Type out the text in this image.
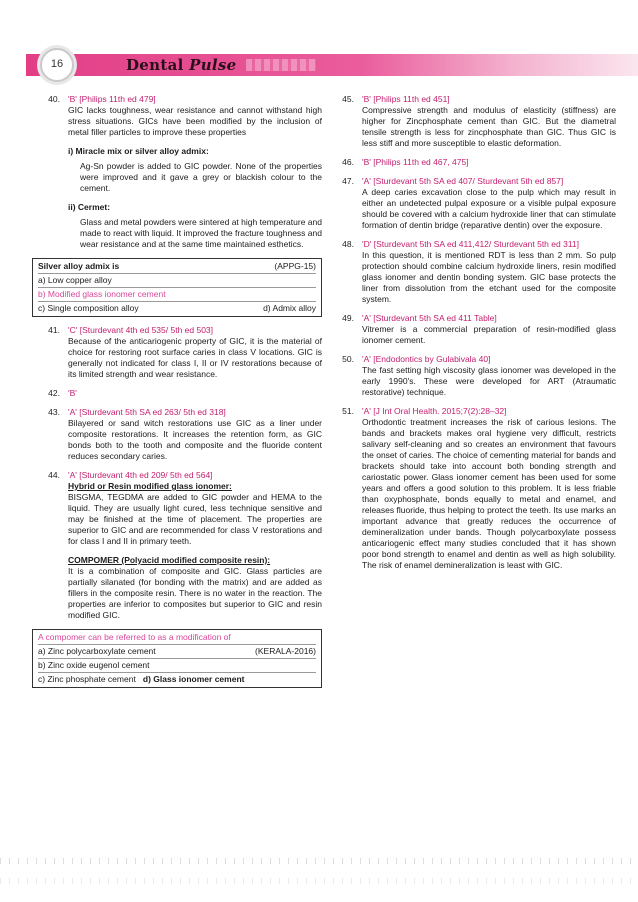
16	Dental Pulse
40. 'B' [Philips 11th ed 479]

GIC lacks toughness, wear resistance and cannot withstand high stress situations. GICs have been modified by the inclusion of metal filler particles to improve these properties

i) Miracle mix or silver alloy admix:
Ag-Sn powder is added to GIC powder. None of the properties were improved and it gave a grey or blackish colour to the cement.
ii) Cermet:
Glass and metal powders were sintered at high temperature and made to react with liquid. It improved the fracture toughness and wear resistance and at the same time maintained esthetics.
Silver alloy admix is	(APPG-15)
a) Low copper alloy
b) Modified glass ionomer cement
c) Single composition alloy	d) Admix alloy
41. 'C' [Sturdevant 4th ed 535/ 5th ed 503]

Because of the anticariogenic property of GIC, it is the material of choice for restoring root surface caries in class V locations. GIC is generally not indicated for class I, II or IV restorations because of its limited strength and wear resistance.

42. 'B'
43. 'A' [Sturdevant 5th SA ed 263/ 5th ed 318]

Bilayered or sand witch restorations use GIC as a liner under composite restorations. It increases the retention form, as GIC bonds both to the tooth and composite and the fluoride content reduces secondary caries.

44. 'A' [Sturdevant 4th ed 209/ 5th ed 564]
Hybrid or Resin modified glass ionomer:

BISGMA, TEGDMA are added to GIC powder and HEMA to the liquid. They are usually light cured, less technique sensitive and may be finished at the time of placement. The properties are superior to GIC and are recommended for class V restorations and for class I and II in primary teeth.

COMPOMER (Polyacid modified composite resin):

It is a combination of composite and GIC. Glass particles are partially silanated (for bonding with the matrix) and are added as fillers in the composite resin. There is no water in the reaction. The properties are inferior to composites but superior to GIC and resin modified GIC.

A compomer can be referred to as a modification of
a) Zinc polycarboxylate cement	(KERALA-2016)
b) Zinc oxide eugenol cement
c) Zinc phosphate cement d) Glass ionomer cement
45. 'B' [Philips 11th ed 451]

Compressive strength and modulus of elasticity (stiffness) are higher for Zincphosphate cement than GIC. But the diametral tensile strength is less for zincphosphate than GIC. Thus GIC is less stiff and more susceptible to elastic deformation.

46. 'B' [Philips 11th ed 467, 475]
47. 'A' [Sturdevant 5th SA ed 407/ Sturdevant 5th ed 857]

A deep caries excavation close to the pulp which may result in either an undetected pulpal exposure or a visible pulpal exposure should be covered with a calcium hydroxide liner that can stimulate formation of dentin bridge (reparative dentin) over the exposure.

48. 'D' [Sturdevant 5th SA ed 411,412/ Sturdevant 5th ed 311]

In this question, it is mentioned RDT is less than 2 mm. So pulp protection should combine calcium hydroxide liners, resin modified glass ionomer and dentin bonding system. GIC base protects the liner from dissolution from the etchant used for the composite system.

49. 'A' [Sturdevant 5th SA ed 411 Table]

Vitremer is a commercial preparation of resin-modified glass ionomer cement.

50. 'A' [Endodontics by Gulabivala 40]

The fast setting high viscosity glass ionomer was developed in the early 1990's. These were developed for ART (Atraumatic restorative) technique.

51. 'A' [J Int Oral Health. 2015;7(2):28–32]

Orthodontic treatment increases the risk of carious lesions. The bands and brackets makes oral hygiene very difficult, restricts salivary self-cleaning and so creates an environment that favours the onset of caries. The choice of cementing material for bands and brackets should take into account both bonding strength and cariostatic power. Glass ionomer cement has been used for some years and offers a good solution to this problem. It is less friable than oxyphosphate, bonds equally to metal and enamel, and releases fluoride, thus helping to protect the teeth. Its use marks an important advance that greatly reduces the occurrence of demineralization under bands. Though polycarboxylate possess anticariogenic effect many studies concluded that it has shown poor bond strength to enamel and dentin as well as high solubility. The risk of enamel demineralization is least with GIC.
